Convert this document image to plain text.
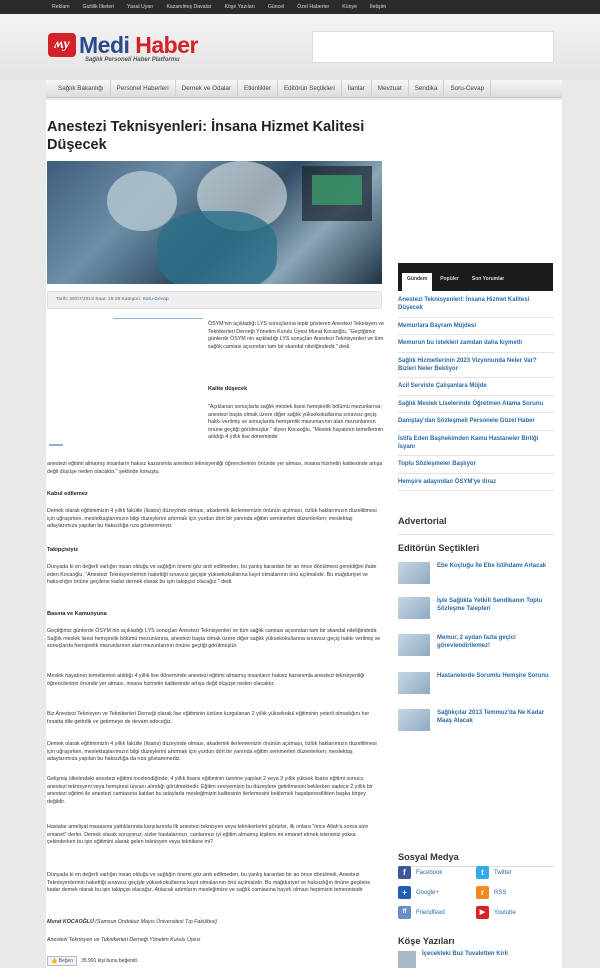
Reklam	Gizlilik İlkeleri	Yasal Uyarı	Kazanılmış Davalar	Köşe Yazıları	Güncel	Özel Haberler	Künye	İletişim
ʍy Medi Haber
Sağlık Personeli Haber Platformu
Sağlık Bakanlığı	Personel Haberleri	Dernek ve Odalar	Etkinlikler	Editörün Seçtikleri	İlanlar	Mevzuat	Sendika	Soru-Cevap
Anestezi Teknisyenleri: İnsana Hizmet Kalitesi Düşecek
Tarih: 29/07/2013 Saat: 15:29 Kategori: Soru-Cevap
ÖSYM'nin açıkladığı LYS sonuçlarına tepki gösteren Anestezi Teknisyen ve Teknikerleri Derneği Yönetim Kurulu Üyesi Murat Kocaoğlu, "Geçtiğimiz günlerde ÖSYM nin açıkladığı LYS sonuçları Anestezi Teknisyenleri ve tüm sağlık camiası açısından tam bir skandal niteliğindedir." dedi.
Kalite düşecek
"Açıklanan sonuçlarla sağlık meslek lisesi hemşirelik bölümü mezunlarına; anestezi başta olmak üzere diğer sağlık yüksekokullarına sınavsız geçiş hakkı verilmiş ve sonuçlarda hemşirelik mezunlarının alan mezunlarının önüne geçtiği görülmüştür." diyen Kocaoğlu, "Meslek hayatının temellerinin atıldığı 4 yıllık lise döneminde
anestezi eğitimi almamış insanların haksız kazanımla anestezi teknisyenliği öğrencilerinin önünde yer alması, insana hizmetin kalitesinde artışa değil düşüşe neden olacaktır." şeklinde konuştu.
Kabul edilemez
Demek olarak eğitimimizin 4 yıllık fakülte (lisans) düzeyinde olması, akademik ilerlememizin önünün açılması, özlük haklarımızın düzeltilmesi için uğraşırken, meslektaşlarımızın bilgi düzeylerini artırmak için yurdun dört bir yanında eğitim seminerleri düzenlerken; meslektaş adaylarımıza yapılan bu haksızlığa rıza gösteremeyiz
Takipçisiyiz
Dünyada ki en değerli varlığın insan olduğu ve sağlığın önemi göz ardı edilmeden, bu yanlış karardan bir an önce dönülmesi gerektiğini ifade eden Kocaoğlu, "Anestezi Teknisyenlerinin hakettiği sınavsız geçişle yüksekokullarına kayıt olmalarının önü açılmalıdır. Bu mağduriyet ve haksızlığın önüne geçilene kadar dernek olarak bu işin takipçisi olacağız." dedi.
Basına ve Kamuoyuna
Geçtiğimiz günlerde ÖSYM nin açıkladığı LYS sonuçları Anestezi Teknisyenleri ve tüm sağlık camiası açısından tam bir skandal niteliğindedir. Sağlık meslek lisesi hemşirelik bölümü mezunlarına, anestezi başta olmak üzere diğer sağlık yüksekokullarına sınavsız geçiş hakkı verilmiş ve sonuçlarda hemşirelik mezunlarının alan mezunlarının önüne geçtiği görülmüştür.
Meslek hayatının temellerinin atıldığı 4 yıllık lise döneminde anestezi eğitimi almamış insanların haksız kazanımla anestezi teknisyenliği öğrencilerinin önünde yer alması, insana hizmetin kalitesinde artışa değil düşüşe neden olacaktır.
Biz Anestezi Teknisyen ve Teknikerleri Derneği olarak lise eğitiminin üstüne kurgulanan 2 yıllık yüksekokul eğitiminin yeterli olmadığını her fırsatta dile getirdik ve getirmeye de devam edeceğiz.
Demek olarak eğitimimizin 4 yıllık fakülte (lisans) düzeyinde olması, akademik ilerlememizin önünün açılması, özlük haklarımızın düzeltilmesi için uğraşırken, meslektaşlarımızın bilgi düzeylerini artırmak için yurdun dört bir yanında eğitim seminerleri düzenlerken; meslektaş adaylarımıza yapılan bu haksızlığa da rıza göstaremediz.
Gelişmiş ülkelerdeki anestezi eğitimi incelendiğinde; 4 yıllık lisans eğitiminin üzerine yapılan 2 veya 3 yıllık yüksek lisans eğitimi sonucu anestezi teknisyeni veya hemşiresi ünvanı alındığı görülmektedir. Eğitim seviyemizin bu düzeylere getirilmesini beklerken sadece 2 yıllık bir anestezi eğitimi ile anestezi camiasına katılan bu adaylarla mesleğimizin kalitesinin ilerlemesini beklemek hayalperestlikten başka birşey değildir.
Hastalar ameliyat masasına yattıklarında karşılarında ilk anestezi teknisyen veya teknikerlerini görürler, ilk onlara "önce Allah'a sonra size emanet" derler. Demek olarak soruyoruz; sizler hastalarınızı, canlarınızı iyi eğitim almamış kişilere mi emanet etmek istersiniz yoksa çekinderken bu işin eğitimini alarak gelen teknisyen veya teknikere mi?
Dünyada ki en değerli varlığın insan olduğu ve sağlığın önemi göz ardı edilmeden, bu yanlış karardan bir an önce dönülmeli, Anestezi Teknisyenlerinin hakettiği sınavsız geçişle yüksekokullarına kayıt olmalarının önü açılmalıdır. Bu mağduriyet ve haksızlığın önüne geçilene kadar demek olarak bu işin takipçisi olacağız. Atılacak adımların mesleğimize ve sağlık camiasına hayırlı olması hepimizin temennisidir
Murat KOCAOĞLU (Samsun Ondokuz Mayıs Üniversitesi Tıp Fakültesi)
Anestezi Teknisyen ve Teknikerleri Derneği Yönetim Kurulu Üyesi
👍 Beğen	35.991 kişi bunu beğendi.
Gündem	Popüler	Son Yorumlar
Anestezi Teknisyenleri: İnsana Hizmet Kalitesi Düşecek
Memurlara Bayram Müjdesi
Memurun bu istekleri zamdan daha kıymetli
Sağlık Hizmetlerinin 2023 Vizyonunda Neler Var? Bizleri Neler Bekliyor
Acil Serviste Çalışanlara Müjde
Sağlık Meslek Liselerinde Öğretmen Atama Sorunu
Danıştay'dan Sözleşmeli Personele Güzel Haber
İstifa Eden Başhekimden Kamu Hastaneler Birliği İsyanı
Toplu Sözleşmeler Başlıyor
Hemşire adayından ÖSYM'ye itiraz
Advertorial
Editörün Seçtikleri
Ebe Koçluğu İle Ebe İstihdamı Artacak
İşte Sağlıkta Yetkili Sendikanın Toplu Sözleşme Talepleri
Memur, 2 aydan fazla geçici görevlendirilemez!
Hastanelerde Sorumlu Hemşire Sorunu
Sağlıkçılar 2013 Temmuz'da Ne Kadar Maaş Alacak
Sosyal Medya
f	Facebook	t	Twitter
+	Google+	r	RSS
ff	Friendfeed	▶	Youtube
Köşe Yazıları
İçecekteki Buz Tuvaletten Kirli
